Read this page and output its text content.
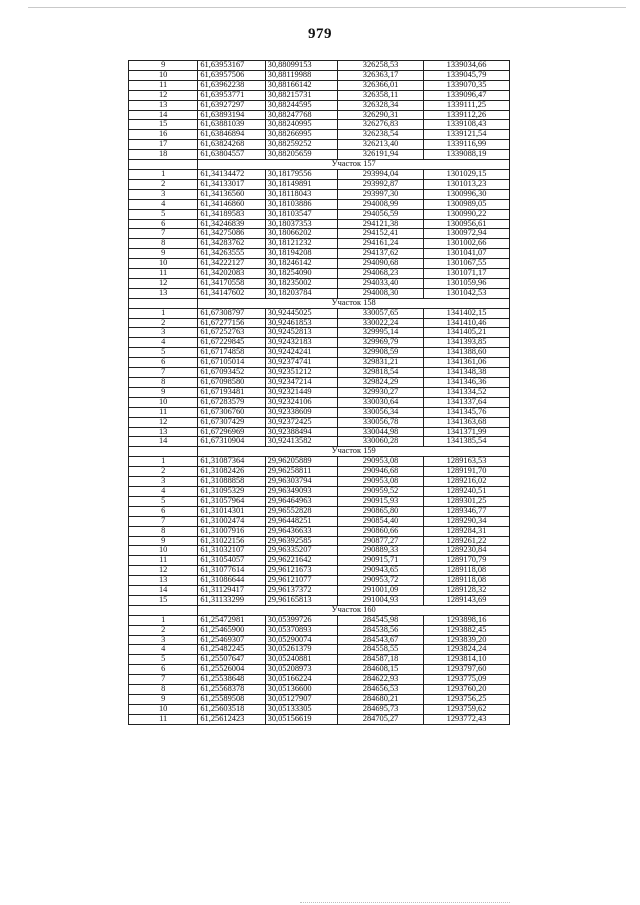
979
9	61,63953167	30,88099153	326258,53	1339034,66
10	61,63957506	30,88119988	326363,17	1339045,79
11	61,63962238	30,88166142	326366,01	1339070,35
12	61,63953771	30,88215731	326358,11	1339096,47
13	61,63927297	30,88244595	326328,34	1339111,25
14	61,63893194	30,88247768	326290,31	1339112,26
15	61,63881039	30,88240995	326276,83	1339108,43
16	61,63846894	30,88266995	326238,54	1339121,54
17	61,63824268	30,88259252	326213,40	1339116,99
18	61,63804557	30,88205659	326191,94	1339088,19
	Участок 157			
1	61,34134472	30,18179556	293994,04	1301029,15
2	61,34133017	30,18149891	293992,87	1301013,23
3	61,34136560	30,18118043	293997,30	1300996,30
4	61,34146860	30,18103886	294008,99	1300989,05
5	61,34189583	30,18103547	294056,59	1300990,22
6	61,34246839	30,18037353	294121,38	1300956,61
7	61,34275086	30,18066202	294152,41	1300972,94
8	61,34283762	30,18121232	294161,24	1301002,66
9	61,34263555	30,18194208	294137,62	1301041,07
10	61,34222127	30,18246142	294090,68	1301067,55
11	61,34202083	30,18254090	294068,23	1301071,17
12	61,34170558	30,18235002	294033,40	1301059,96
13	61,34147602	30,18203784	294008,30	1301042,53
	Участок 158			
1	61,67308797	30,92445025	330057,65	1341402,15
2	61,67277156	30,92461853	330022,24	1341410,46
3	61,67252763	30,92452813	329995,14	1341405,21
4	61,67229845	30,92432183	329969,79	1341393,85
5	61,67174858	30,92424241	329908,59	1341388,60
6	61,67105014	30,92374741	329831,21	1341361,06
7	61,67093452	30,92351212	329818,54	1341348,38
8	61,67098580	30,92347214	329824,29	1341346,36
9	61,67193481	30,92321449	329930,27	1341334,52
10	61,67283579	30,92324106	330030,64	1341337,64
11	61,67306760	30,92338609	330056,34	1341345,76
12	61,67307429	30,92372425	330056,78	1341363,68
13	61,67296969	30,92388494	330044,98	1341371,99
14	61,67310904	30,92413582	330060,28	1341385,54
	Участок 159			
1	61,31087364	29,96205889	290953,08	1289163,53
2	61,31082426	29,96258811	290946,68	1289191,70
3	61,31088858	29,96303794	290953,08	1289216,02
4	61,31095329	29,96349093	290959,52	1289240,51
5	61,31057964	29,96464963	290915,93	1289301,25
6	61,31014301	29,96552828	290865,80	1289346,77
7	61,31002474	29,96448251	290854,40	1289290,34
8	61,31007916	29,96436633	290860,66	1289284,31
9	61,31022156	29,96392585	290877,27	1289261,22
10	61,31032107	29,96335207	290889,33	1289230,84
11	61,31054057	29,96221642	290915,71	1289170,79
12	61,31077614	29,96121673	290943,65	1289118,08
13	61,31086644	29,96121077	290953,72	1289118,08
14	61,31129417	29,96137372	291001,09	1289128,32
15	61,31133299	29,96165813	291004,93	1289143,69
	Участок 160			
1	61,25472981	30,05399726	284545,98	1293898,16
2	61,25465900	30,05370893	284538,56	1293882,45
3	61,25469307	30,05290074	284543,67	1293839,20
4	61,25482245	30,05261379	284558,55	1293824,24
5	61,25507647	30,05240881	284587,18	1293814,10
6	61,25526004	30,05208973	284608,15	1293797,60
7	61,25538648	30,05166224	284622,93	1293775,09
8	61,25568378	30,05136600	284656,53	1293760,20
9	61,25589508	30,05127907	284680,21	1293756,25
10	61,25603518	30,05133305	284695,73	1293759,62
11	61,25612423	30,05156619	284705,27	1293772,43
